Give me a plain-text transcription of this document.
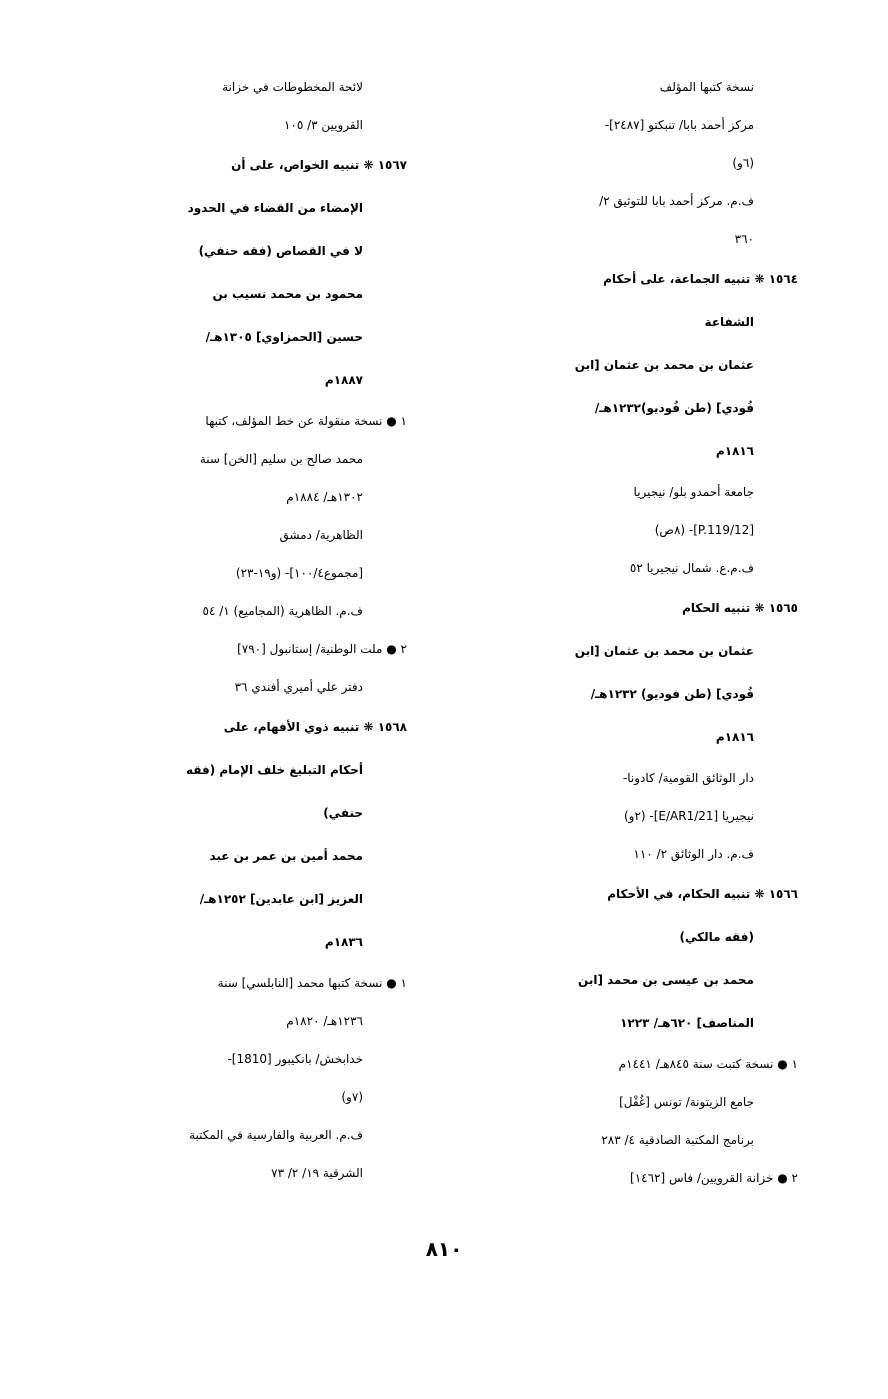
نسخة كتبها المؤلف
مركز أحمد بابا/ تنبكتو [٢٤٨٧]-
(٦و)
ف.م. مركز أحمد بابا للتوثيق ٢/
٣٦٠
١٥٦٤ ❋ تنبيه الجماعة، على أحكام
الشفاعة
عثمان بن محمد بن عثمان [ابن
فُودي] (طن فُوديو)١٢٣٢هـ/
١٨١٦م
جامعة أحمدو بلو/ نيجيريا
[P.119/12]- (٨ص)
ف.م.ع. شمال نيجيريا ٥٢
١٥٦٥ ❋ تنبيه الحكام
عثمان بن محمد بن عثمان [ابن
فُودي] (طن فوديو) ١٢٣٢هـ/
١٨١٦م
دار الوثائق القومية/ كادونا-
نيجيريا [E/AR1/21]- (٢و)
ف.م. دار الوثائق ٢/ ١١٠
١٥٦٦ ❋ تنبيه الحكام، في الأحكام
(فقه مالكي)
محمد بن عيسى بن محمد [ابن
المناصف] ٦٢٠هـ/ ١٢٢٣
١ ● نسخة كتبت سنة ٨٤٥هـ/ ١٤٤١م
جامع الزيتونة/ تونس [غُفْل]
برنامج المكتبة الصادقية ٤/ ٢٨٣
٢ ● خزانة القرويين/ فاس [١٤٦٢]
لائحة المخطوطات في خزانة
القرويين ٣/ ١٠٥
١٥٦٧ ❋ تنبيه الخواص، على أن
الإمضاء من القضاء في الحدود
لا في القصاص (فقه حنفي)
محمود بن محمد نسيب بن
حسين [الحمزاوي] ١٣٠٥هـ/
١٨٨٧م
١ ● نسخة منقولة عن خط المؤلف، كتبها
محمد صالح بن سليم [الخن] سنة
١٣٠٢هـ/ ١٨٨٤م
الظاهرية/ دمشق
[مجموع١٠٠/٤]- (و١٩-٢٣)
ف.م. الظاهرية (المجاميع) ١/ ٥٤
٢ ● ملت الوطنية/ إستانبول [٧٩٠]
دفتر علي أميري أفندي ٣٦
١٥٦٨ ❋ تنبيه ذوي الأفهام، على
أحكام التبليغ خلف الإمام (فقه
حنفي)
محمد أمين بن عمر بن عبد
العزيز [ابن عابدين] ١٢٥٢هـ/
١٨٣٦م
١ ● نسخة كتبها محمد [النابلسي] سنة
١٢٣٦هـ/ ١٨٢٠م
خدابخش/ بانكيبور [1810]-
(٧و)
ف.م. العربية والفارسية في المكتبة
الشرقية ١٩/ ٢/ ٧٣
٨١٠
